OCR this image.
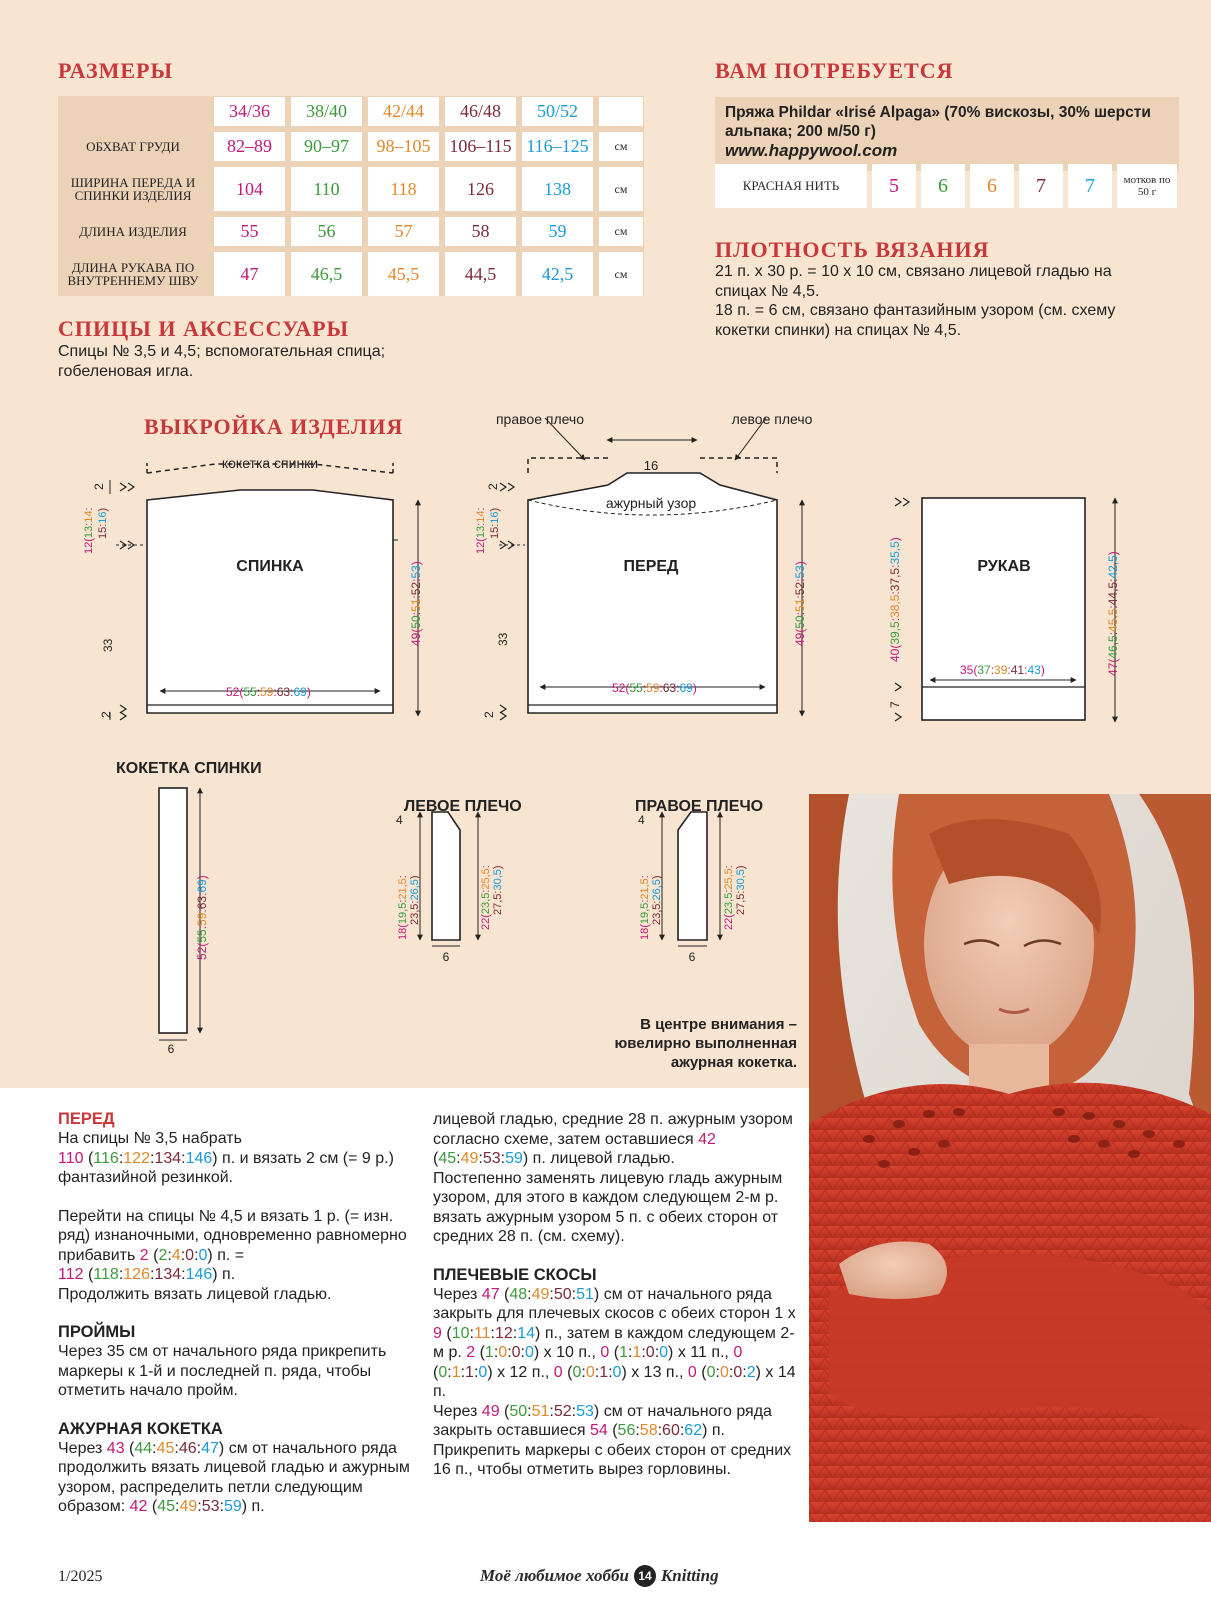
РАЗМЕРЫ
	34/36	38/40	42/44	46/48	50/52	
ОБХВАТ ГРУДИ	82–89	90–97	98–105	106–115	116–125	см
ШИРИНА ПЕРЕДА И СПИНКИ ИЗДЕЛИЯ	104	110	118	126	138	см
ДЛИНА ИЗДЕЛИЯ	55	56	57	58	59	см
ДЛИНА РУКАВА ПО ВНУТРЕННЕМУ ШВУ	47	46,5	45,5	44,5	42,5	см
СПИЦЫ И АКСЕССУАРЫ
Спицы № 3,5 и 4,5; вспомогательная спица; гобеленовая игла.
ВАМ ПОТРЕБУЕТСЯ
Пряжа Phildar «Irisé Alpaga» (70% вискозы, 30% шерсти альпака; 200 м/50 г)
www.happywool.com
КРАСНАЯ НИТЬ	5	6	6	7	7	мотков по 50 г
ПЛОТНОСТЬ ВЯЗАНИЯ
21 п. х 30 р. = 10 х 10 см, связано лицевой гладью на спицах № 4,5.
18 п. = 6 см, связано фантазийным узором (см. схему кокетки спинки) на спицах № 4,5.
ВЫКРОЙКА ИЗДЕЛИЯ
кокетка спинки
СПИНКА
52(55:59:63:69)
49(50:51:52:53)
2
12(13:14:
15:16)
33
2
правое плечо	левое плечо
16
ажурный узор
ПЕРЕД
52(55:59:63:69)
49(50:51:52:53)
2
12(13:14:
15:16)
33
2
РУКАВ
35(37:39:41:43)
40(39,5:38,5:37,5:35,5)
47(46,5:45,5:44,5:42,5)
7
КОКЕТКА СПИНКИ
52(55:59:63:69)
6
ЛЕВОЕ ПЛЕЧО
4
18(19,5:21,5:
23,5:26,5)
22(23,5:25,5:
27,5:30,5)
6
ПРАВОЕ ПЛЕЧО
4
18(19,5:21,5:
23,5:26,5)
22(23,5:25,5:
27,5:30,5)
6
В центре внимания – ювелирно выполненная ажурная кокетка.
ПЕРЕД
На спицы № 3,5 набрать
110 (116:122:134:146) п. и вязать 2 см (= 9 р.) фантазийной резинкой.
Перейти на спицы № 4,5 и вязать 1 р. (= изн. ряд) изнаночными, одновременно равномерно прибавить 2 (2:4:0:0) п. =
112 (118:126:134:146) п.
Продолжить вязать лицевой гладью.
ПРОЙМЫ
Через 35 см от начального ряда прикрепить маркеры к 1-й и последней п. ряда, чтобы отметить начало пройм.
АЖУРНАЯ КОКЕТКА
Через 43 (44:45:46:47) см от начального ряда продолжить вязать лицевой гладью и ажурным узором, распределить петли следующим образом: 42 (45:49:53:59) п.
лицевой гладью, средние 28 п. ажурным узором согласно схеме, затем оставшиеся 42 (45:49:53:59) п. лицевой гладью.
Постепенно заменять лицевую гладь ажурным узором, для этого в каждом следующем 2-м р. вязать ажурным узором 5 п. с обеих сторон от средних 28 п. (см. схему).
ПЛЕЧЕВЫЕ СКОСЫ
Через 47 (48:49:50:51) см от начального ряда закрыть для плечевых скосов с обеих сторон 1 х 9 (10:11:12:14) п., затем в каждом следующем 2-м р. 2 (1:0:0:0) х 10 п., 0 (1:1:0:0) х 11 п., 0 (0:1:1:0) х 12 п., 0 (0:0:1:0) х 13 п., 0 (0:0:0:2) х 14 п.
Через 49 (50:51:52:53) см от начального ряда закрыть оставшиеся 54 (56:58:60:62) п.
Прикрепить маркеры с обеих сторон от средних 16 п., чтобы отметить вырез горловины.
1/2025	Моё любимое хобби 14 Knitting
